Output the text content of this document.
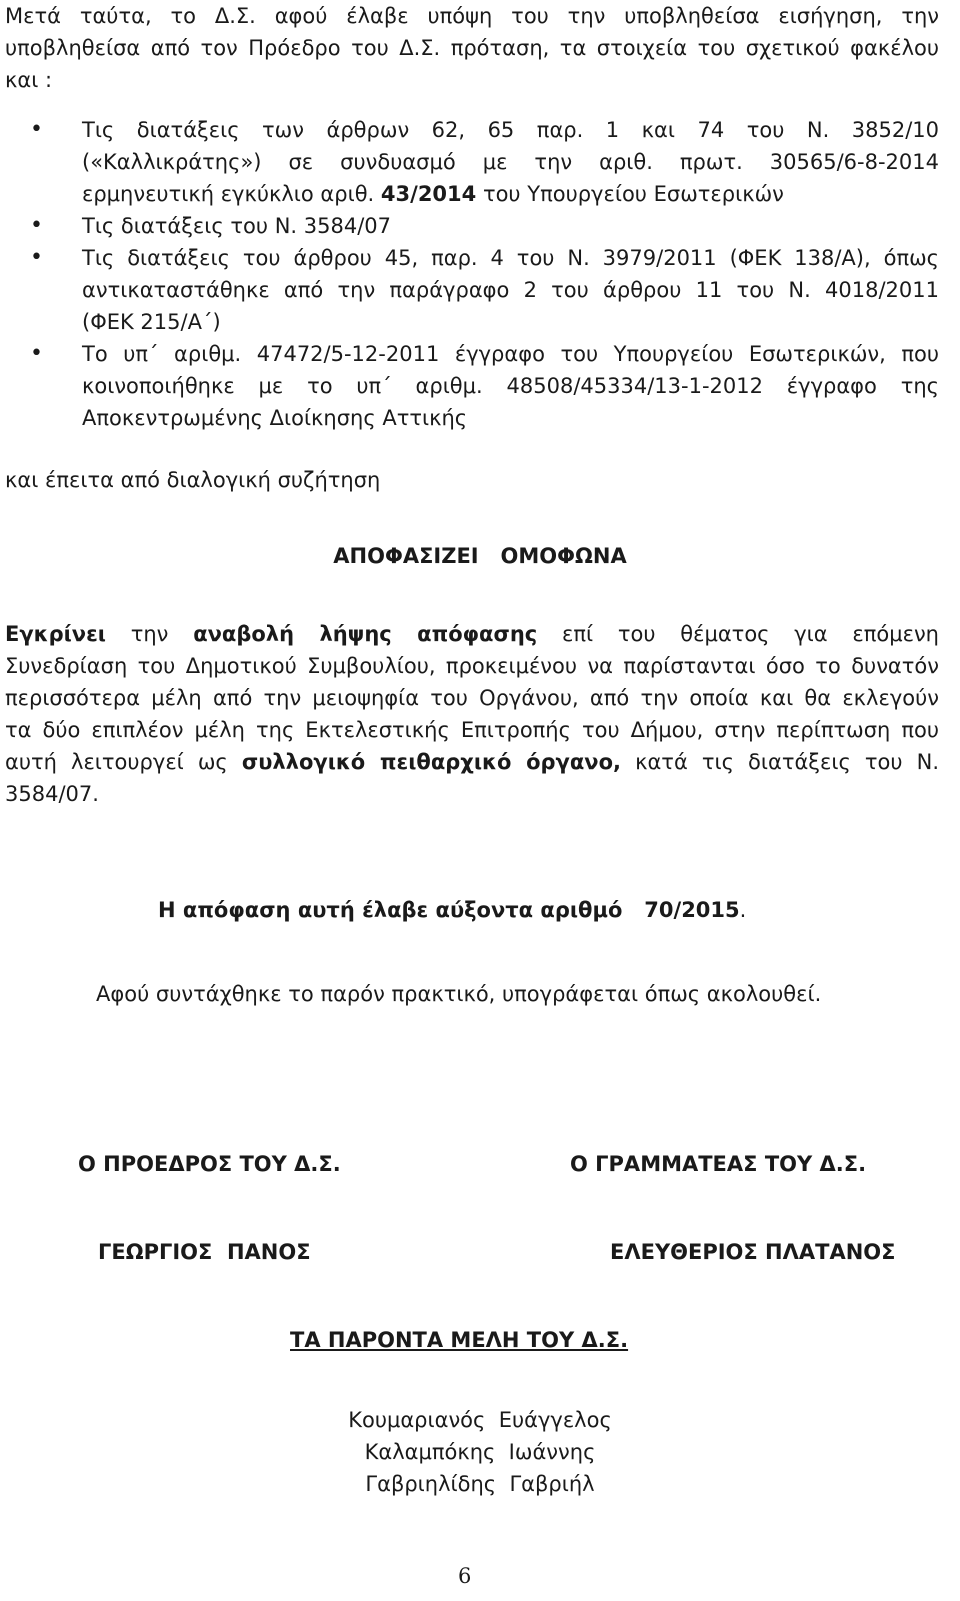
Μετά ταύτα, το Δ.Σ. αφού έλαβε υπόψη του την υποβληθείσα εισήγηση, την
υποβληθείσα από τον Πρόεδρο του Δ.Σ. πρόταση, τα στοιχεία του σχετικού φακέλου
και :
• Τις διατάξεις των άρθρων 62, 65 παρ. 1 και 74 του Ν. 3852/10
(«Καλλικράτης») σε συνδυασμό με την αριθ. πρωτ. 30565/6-8-2014
ερμηνευτική εγκύκλιο αριθ. 43/2014 του Υπουργείου Εσωτερικών
• Τις διατάξεις του Ν. 3584/07
• Τις διατάξεις του άρθρου 45, παρ. 4 του Ν. 3979/2011 (ΦΕΚ 138/Α), όπως
αντικαταστάθηκε από την παράγραφο 2 του άρθρου 11 του Ν. 4018/2011
(ΦΕΚ 215/Α΄)
• Το υπ΄ αριθμ. 47472/5-12-2011 έγγραφο του Υπουργείου Εσωτερικών, που
κοινοποιήθηκε με το υπ΄ αριθμ. 48508/45334/13-1-2012 έγγραφο της
Αποκεντρωμένης Διοίκησης Αττικής
και έπειτα από διαλογική συζήτηση
ΑΠΟΦΑΣΙΖΕΙ   ΟΜΟΦΩΝΑ
Εγκρίνει την αναβολή λήψης απόφασης επί του θέματος για επόμενη
Συνεδρίαση του Δημοτικού Συμβουλίου, προκειμένου να παρίστανται όσο το δυνατόν
περισσότερα μέλη από την μειοψηφία του Οργάνου, από την οποία και θα εκλεγούν
τα δύο επιπλέον μέλη της Εκτελεστικής Επιτροπής του Δήμου, στην περίπτωση που
αυτή λειτουργεί ως συλλογικό πειθαρχικό όργανο, κατά τις διατάξεις του Ν.
3584/07.
Η απόφαση αυτή έλαβε αύξοντα αριθμό   70/2015.
Αφού συντάχθηκε το παρόν πρακτικό, υπογράφεται όπως ακολουθεί.
Ο ΠΡΟΕΔΡΟΣ ΤΟΥ Δ.Σ.	Ο ΓΡΑΜΜΑΤΕΑΣ ΤΟΥ Δ.Σ.
ΓΕΩΡΓΙΟΣ  ΠΑΝΟΣ	ΕΛΕΥΘΕΡΙΟΣ ΠΛΑΤΑΝΟΣ
ΤΑ ΠΑΡΟΝΤΑ ΜΕΛΗ ΤΟΥ Δ.Σ.
Κουμαριανός  Ευάγγελος
Καλαμπόκης  Ιωάννης
Γαβριηλίδης  Γαβριήλ
6
